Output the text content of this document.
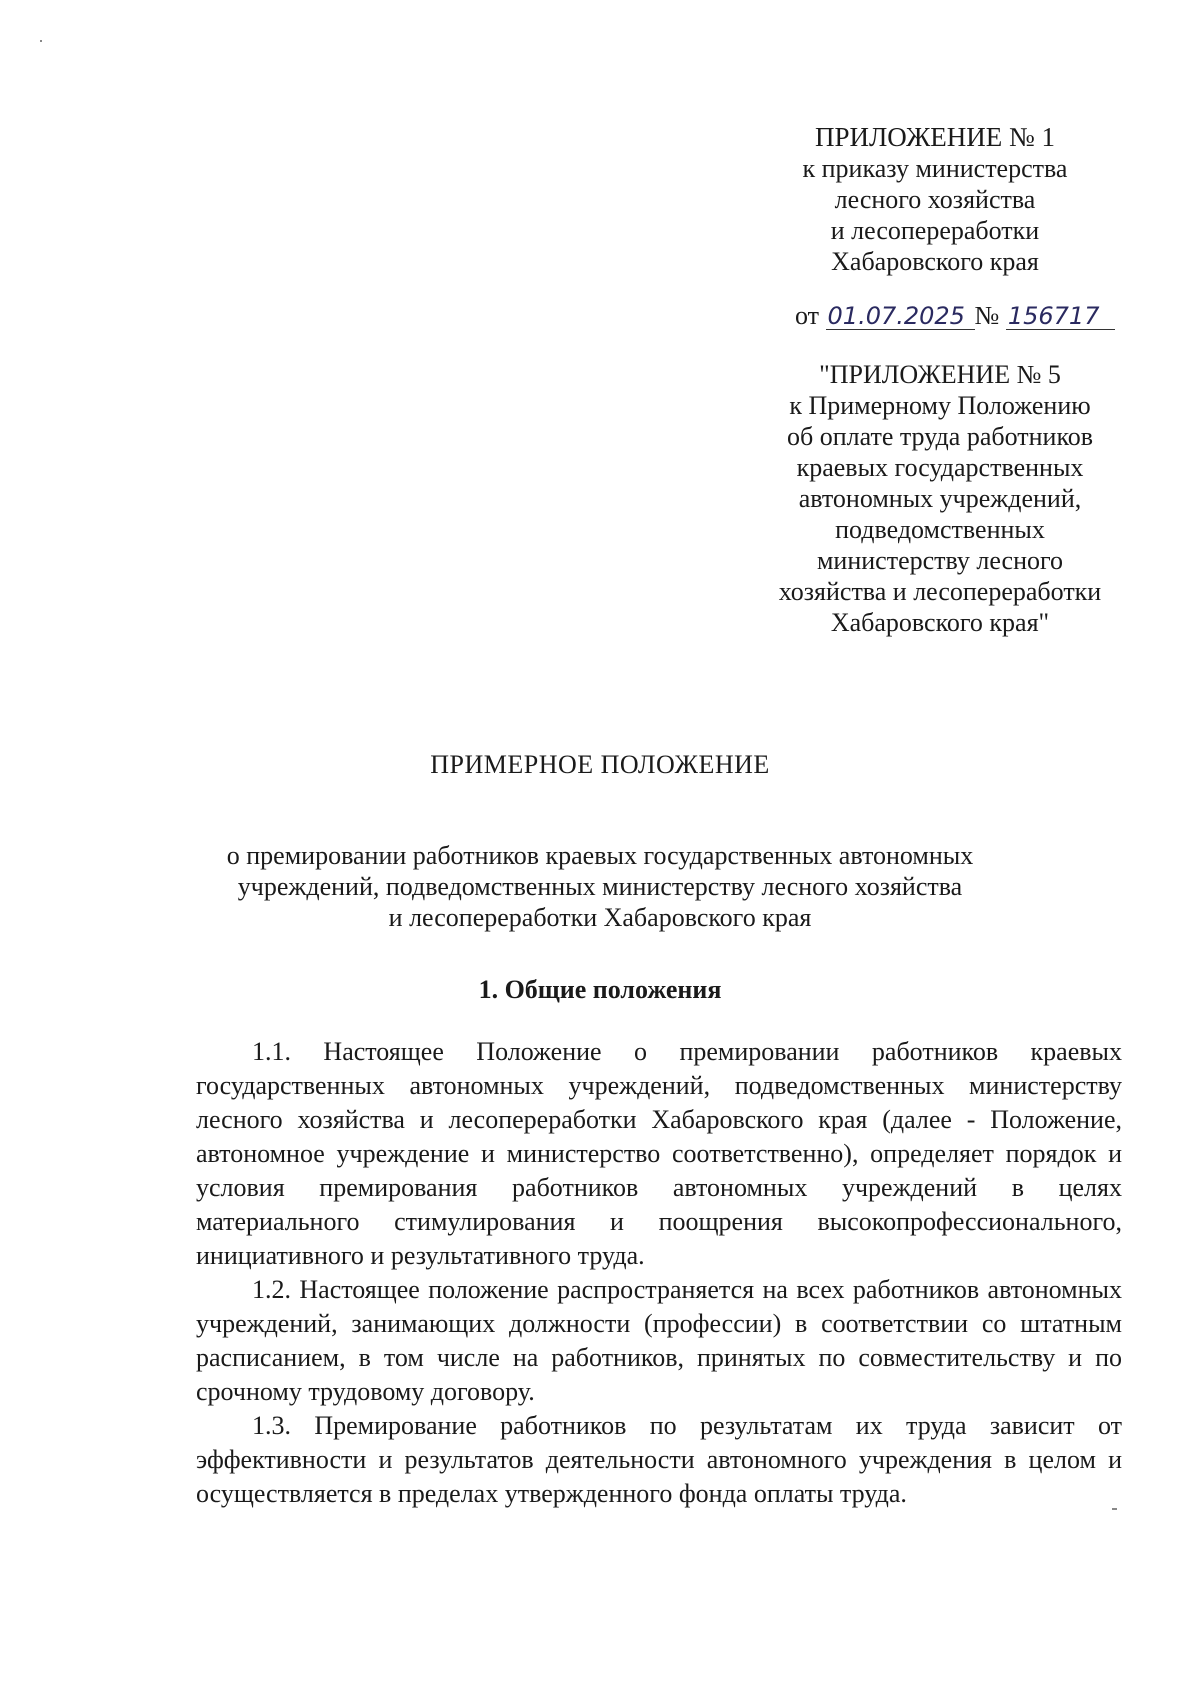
ПРИЛОЖЕНИЕ № 1
к приказу министерства
лесного хозяйства
и лесопереработки
Хабаровского края
от 01.07.2025 № 156717
"ПРИЛОЖЕНИЕ № 5
к Примерному Положению
об оплате труда работников
краевых государственных
автономных учреждений,
подведомственных
министерству лесного
хозяйства и лесопереработки
Хабаровского края"
ПРИМЕРНОЕ ПОЛОЖЕНИЕ
о премировании работников краевых государственных автономных
учреждений, подведомственных министерству лесного хозяйства
и лесопереработки Хабаровского края
1. Общие положения

1.1. Настоящее Положение о премировании работников краевых государственных автономных учреждений, подведомственных министерству лесного хозяйства и лесопереработки Хабаровского края (далее - Положение, автономное учреждение и министерство соответственно), определяет порядок и условия премирования работников автономных учреждений в целях материального стимулирования и поощрения высокопрофессионального, инициативного и результативного труда.

1.2. Настоящее положение распространяется на всех работников автономных учреждений, занимающих должности (профессии) в соответствии со штатным расписанием, в том числе на работников, принятых по совместительству и по срочному трудовому договору.

1.3. Премирование работников по результатам их труда зависит от эффективности и результатов деятельности автономного учреждения в целом и осуществляется в пределах утвержденного фонда оплаты труда.
